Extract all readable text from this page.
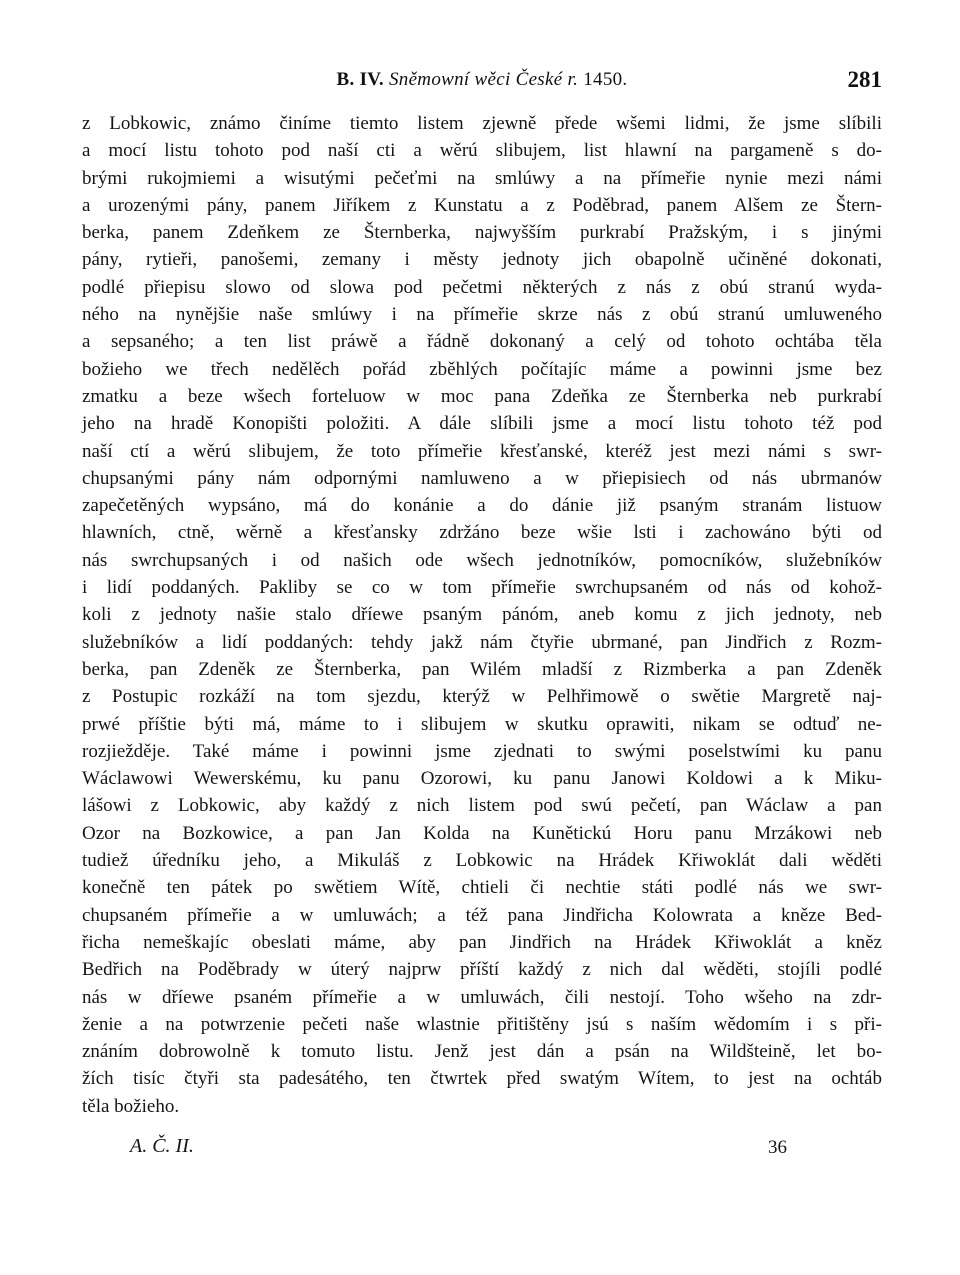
B. IV. Sněmowní wěci České r. 1450.	281
z Lobkowic, známo činíme tiemto listem zjewně přede wšemi lidmi, že jsme slíbili
a mocí listu tohoto pod naší cti a wěrú slibujem, list hlawní na pargameně s do-
brými rukojmiemi a wisutými pečeťmi na smlúwy a na přímeřie nynie mezi námi
a urozenými pány, panem Jiříkem z Kunstatu a z Poděbrad, panem Alšem ze Štern-
berka, panem Zdeňkem ze Šternberka, najwyšším purkrabí Pražským, i s jinými
pány, rytieři, panošemi, zemany i městy jednoty jich obapolně učiněné dokonati,
podlé přiepisu slowo od slowa pod pečetmi některých z nás z obú stranú wyda-
ného na nynějšie naše smlúwy i na přímeřie skrze nás z obú stranú umluweného
a sepsaného; a ten list práwě a řádně dokonaný a celý od tohoto ochtába těla
božieho we třech nedělěch pořád zběhlých počítajíc máme a powinni jsme bez
zmatku a beze wšech forteluow w moc pana Zdeňka ze Šternberka neb purkrabí
jeho na hradě Konopišti položiti. A dále slíbili jsme a mocí listu tohoto též pod
naší ctí a wěrú slibujem, že toto přímeřie křesťanské, kteréž jest mezi námi s swr-
chupsanými pány nám odpornými namluweno a w přiepisiech od nás ubrmanów
zapečetěných wypsáno, má do konánie a do dánie již psaným stranám listuow
hlawních, ctně, wěrně a křesťansky zdržáno beze wšie lsti i zachowáno býti od
nás swrchupsaných i od našich ode wšech jednotníków, pomocníków, služebníków
i lidí poddaných. Pakliby se co w tom přímeřie swrchupsaném od nás od kohož-
koli z jednoty našie stalo dříewe psaným pánóm, aneb komu z jich jednoty, neb
služebníków a lidí poddaných: tehdy jakž nám čtyřie ubrmané, pan Jindřich z Rozm-
berka, pan Zdeněk ze Šternberka, pan Wilém mladší z Rizmberka a pan Zdeněk
z Postupic rozkáží na tom sjezdu, kterýž w Pelhřimowě o swětie Margretě naj-
prwé příštie býti má, máme to i slibujem w skutku oprawiti, nikam se odtuď ne-
rozjiežděje. Také máme i powinni jsme zjednati to swými poselstwími ku panu
Wáclawowi Wewerskému, ku panu Ozorowi, ku panu Janowi Koldowi a k Miku-
lášowi z Lobkowic, aby každý z nich listem pod swú pečetí, pan Wáclaw a pan
Ozor na Bozkowice, a pan Jan Kolda na Kunětickú Horu panu Mrzákowi neb
tudiež úředníku jeho, a Mikuláš z Lobkowic na Hrádek Křiwoklát dali wěděti
konečně ten pátek po swětiem Wítě, chtieli či nechtie státi podlé nás we swr-
chupsaném přímeřie a w umluwách; a též pana Jindřicha Kolowrata a kněze Bed-
řicha nemeškajíc obeslati máme, aby pan Jindřich na Hrádek Křiwoklát a kněz
Bedřich na Poděbrady w úterý najprw příští každý z nich dal wěděti, stojíli podlé
nás w dříewe psaném přímeřie a w umluwách, čili nestojí. Toho wšeho na zdr-
ženie a na potwrzenie pečeti naše wlastnie přitištěny jsú s naším wědomím i s při-
znáním dobrowolně k tomuto listu. Jenž jest dán a psán na Wildšteině, let bo-
žích tisíc čtyři sta padesátého, ten čtwrtek před swatým Wítem, to jest na ochtáb
těla božieho.
A. Č. II.	36
